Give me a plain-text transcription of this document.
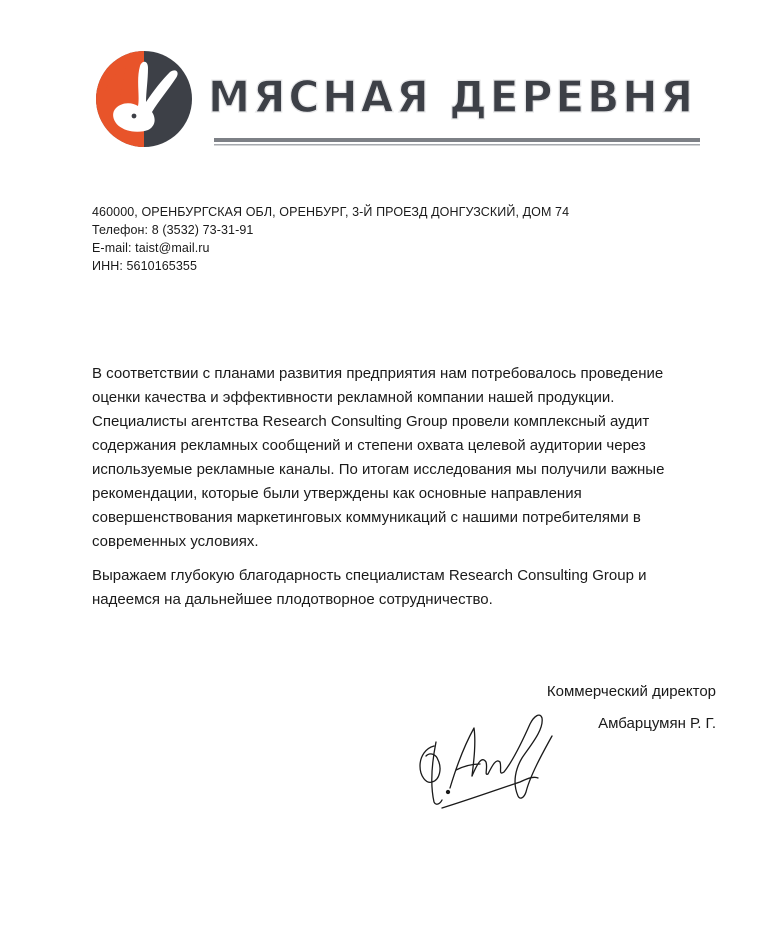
МЯСНАЯ ДЕРЕВНЯ
460000, ОРЕНБУРГСКАЯ ОБЛ, ОРЕНБУРГ, 3-Й ПРОЕЗД ДОНГУЗСКИЙ, ДОМ 74
Телефон: 8 (3532) 73-31-91
E-mail: taist@mail.ru
ИНН: 5610165355

В соответствии с планами развития предприятия нам потребовалось проведение оценки качества и эффективности рекламной компании нашей продукции. Специалисты агентства Research Consulting Group провели комплексный аудит содержания рекламных сообщений и степени охвата целевой аудитории через используемые рекламные каналы. По итогам исследования мы получили важные рекомендации, которые были утверждены как основные направления совершенствования маркетинговых коммуникаций с нашими потребителями в современных условиях.

Выражаем глубокую благодарность специалистам Research Consulting Group и надеемся на дальнейшее плодотворное сотрудничество.

Коммерческий директор
Амбарцумян Р. Г.
